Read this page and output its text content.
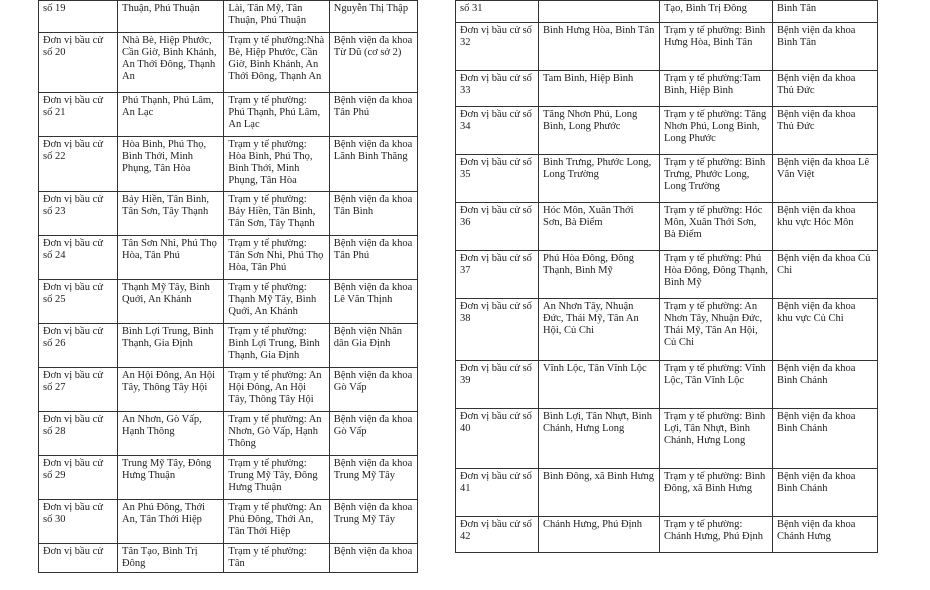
số 19	Thuận, Phú Thuận	Lài, Tân Mỹ, Tân Thuận, Phú Thuận	Nguyễn Thị Thập
Đơn vị bầu cử số 20	Nhà Bè, Hiệp Phước, Cần Giờ, Bình Khánh, An Thới Đông, Thạnh An	Trạm y tế phường:Nhà Bè, Hiệp Phước, Cần Giờ, Bình Khánh, An Thới Đông, Thạnh An	Bệnh viện đa khoa Từ Dũ (cơ sở 2)
Đơn vị bầu cử số 21	Phú Thạnh, Phú Lâm, An Lạc	Trạm y tế phường: Phú Thạnh, Phú Lâm, An Lạc	Bệnh viện đa khoa Tân Phú
Đơn vị bầu cử số 22	Hòa Bình, Phú Thọ, Bình Thới, Minh Phụng, Tân Hòa	Trạm y tế phường: Hòa Bình, Phú Thọ, Bình Thới, Minh Phụng, Tân Hòa	Bệnh viện đa khoa Lãnh Bình Thăng
Đơn vị bầu cử số 23	Bảy Hiền, Tân Bình, Tân Sơn, Tây Thạnh	Trạm y tế phường: Bảy Hiền, Tân Bình, Tân Sơn, Tây Thạnh	Bệnh viện đa khoa Tân Bình
Đơn vị bầu cử số 24	Tân Sơn Nhì, Phú Thọ Hòa, Tân Phú	Trạm y tế phường: Tân Sơn Nhì, Phú Thọ Hòa, Tân Phú	Bệnh viện đa khoa Tân Phú
Đơn vị bầu cử số 25	Thạnh Mỹ Tây, Bình Quới, An Khánh	Trạm y tế phường: Thạnh Mỹ Tây, Bình Quới, An Khánh	Bệnh viện đa khoa Lê Văn Thịnh
Đơn vị bầu cử số 26	Bình Lợi Trung, Bình Thạnh, Gia Định	Trạm y tế phường: Bình Lợi Trung, Bình Thạnh, Gia Định	Bệnh viện Nhân dân Gia Định
Đơn vị bầu cử số 27	An Hội Đông, An Hội Tây, Thông Tây Hội	Trạm y tế phường: An Hội Đông, An Hội Tây, Thông Tây Hội	Bệnh viện đa khoa Gò Vấp
Đơn vị bầu cử số 28	An Nhơn, Gò Vấp, Hạnh Thông	Trạm y tế phường: An Nhơn, Gò Vấp, Hạnh Thông	Bệnh viện đa khoa Gò Vấp
Đơn vị bầu cử số 29	Trung Mỹ Tây, Đông Hưng Thuận	Trạm y tế phường: Trung Mỹ Tây, Đông Hưng Thuận	Bệnh viện đa khoa Trung Mỹ Tây
Đơn vị bầu cử số 30	An Phú Đông, Thới An, Tân Thới Hiệp	Trạm y tế phường: An Phú Đông, Thới An, Tân Thới Hiệp	Bệnh viện đa khoa Trung Mỹ Tây
Đơn vị bầu cử	Tân Tạo, Bình Trị Đông	Trạm y tế phường: Tân	Bệnh viện đa khoa
số 31		Tạo, Bình Trị Đông	Bình Tân
Đơn vị bầu cử số 32	Bình Hưng Hòa, Bình Tân	Trạm y tế phường: Bình Hưng Hòa, Bình Tân	Bệnh viện đa khoa Bình Tân
Đơn vị bầu cử số 33	Tam Bình, Hiệp Bình	Trạm y tế phường:Tam Bình, Hiệp Bình	Bệnh viện đa khoa Thủ Đức
Đơn vị bầu cử số 34	Tăng Nhơn Phú, Long Bình, Long Phước	Trạm y tế phường: Tăng Nhơn Phú, Long Bình, Long Phước	Bệnh viện đa khoa Thủ Đức
Đơn vị bầu cử số 35	Bình Trưng, Phước Long, Long Trường	Trạm y tế phường: Bình Trưng, Phước Long, Long Trường	Bệnh viện đa khoa Lê Văn Việt
Đơn vị bầu cử số 36	Hóc Môn, Xuân Thới Sơn, Bà Điểm	Trạm y tế phường: Hóc Môn, Xuân Thới Sơn, Bà Điểm	Bệnh viện đa khoa khu vực Hóc Môn
Đơn vị bầu cử số 37	Phú Hòa Đông, Đông Thạnh, Bình Mỹ	Trạm y tế phường: Phú Hòa Đông, Đông Thạnh, Bình Mỹ	Bệnh viện đa khoa Củ Chi
Đơn vị bầu cử số 38	An Nhơn Tây, Nhuận Đức, Thái Mỹ, Tân An Hội, Củ Chi	Trạm y tế phường: An Nhơn Tây, Nhuận Đức, Thái Mỹ, Tân An Hội, Củ Chi	Bệnh viện đa khoa khu vực Củ Chi
Đơn vị bầu cử số 39	Vĩnh Lộc, Tân Vĩnh Lộc	Trạm y tế phường: Vĩnh Lộc, Tân Vĩnh Lộc	Bệnh viện đa khoa Bình Chánh
Đơn vị bầu cử số 40	Bình Lợi, Tân Nhựt, Bình Chánh, Hưng Long	Trạm y tế phường: Bình Lợi, Tân Nhựt, Bình Chánh, Hưng Long	Bệnh viện đa khoa Bình Chánh
Đơn vị bầu cử số 41	Bình Đông, xã Bình Hưng	Trạm y tế phường: Bình Đông, xã Bình Hưng	Bệnh viện đa khoa Bình Chánh
Đơn vị bầu cử số 42	Chánh Hưng, Phú Định	Trạm y tế phường: Chánh Hưng, Phú Định	Bệnh viện đa khoa Chánh Hưng
